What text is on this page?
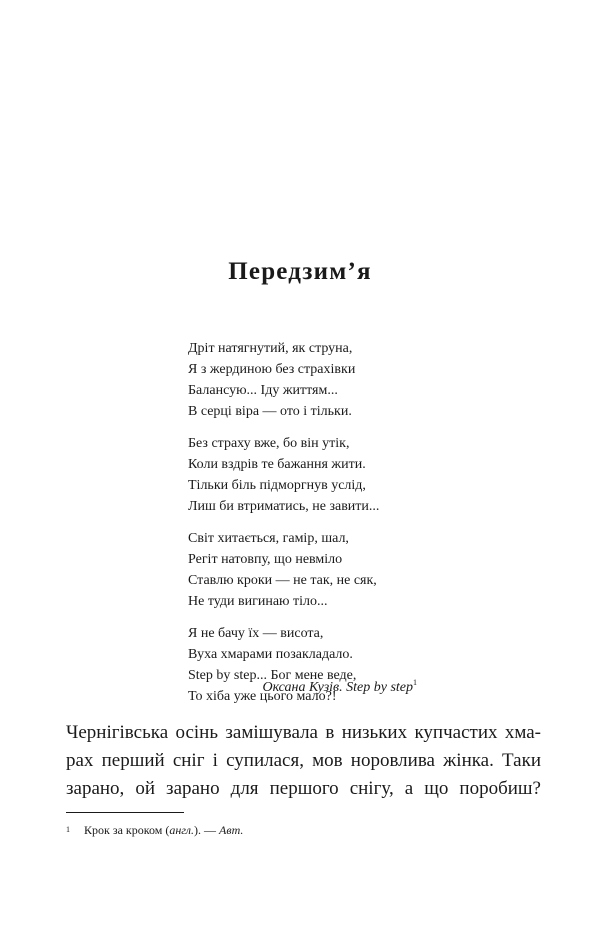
Передзим’я
Дріт натягнутий, як струна,
Я з жердиною без страхівки
Балансую... Іду життям...
В серці віра — ото і тільки.
Без страху вже, бо він утік,
Коли вздрів те бажання жити.
Тільки біль підморгнув услід,
Лиш би втриматись, не завити...
Світ хитається, гамір, шал,
Регіт натовпу, що невміло
Ставлю кроки — не так, не сяк,
Не туди вигинаю тіло...
Я не бачу їх — висота,
Вуха хмарами позакладало.
Step by step... Бог мене веде,
То хіба уже цього мало?!
Оксана Кузів. Step by step$^1$

Чернігівська осінь замішувала в низьких купчастих хма-
рах перший сніг і супилася, мов норовлива жінка. Таки
зарано, ой зарано для першого снігу, а що поробиш?

1 Крок за кроком (англ.). — Авт.
